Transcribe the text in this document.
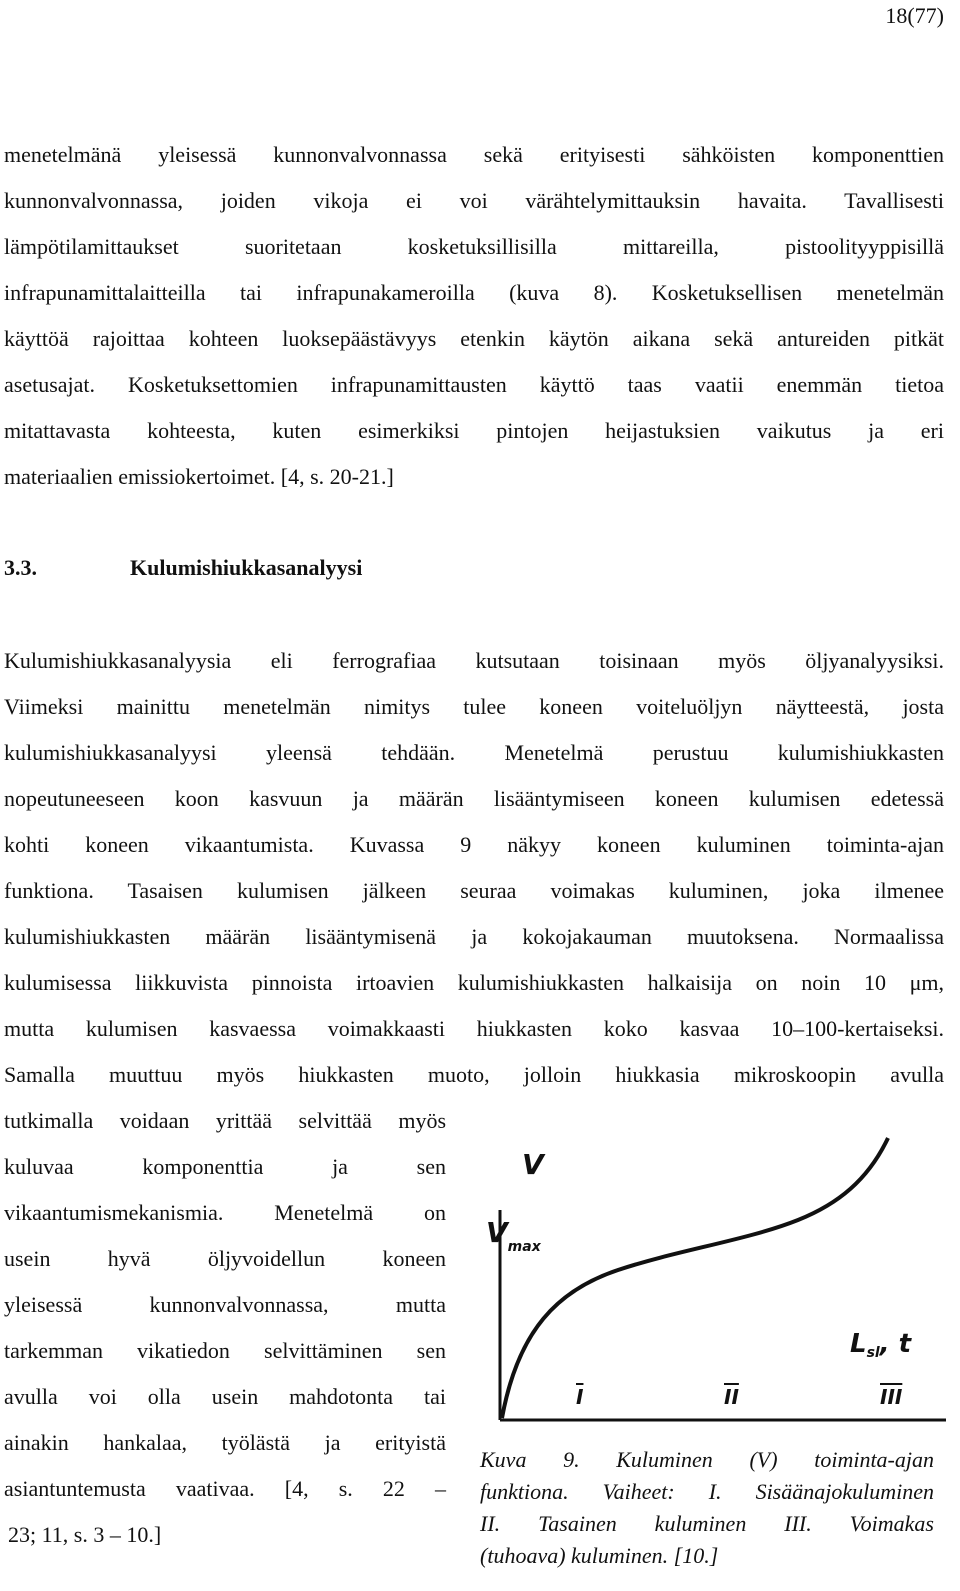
18(77)
menetelmänä yleisessä kunnonvalvonnassa sekä erityisesti sähköisten komponenttien
kunnonvalvonnassa, joiden vikoja ei voi värähtelymittauksin havaita. Tavallisesti
lämpötilamittaukset suoritetaan kosketuksillisilla mittareilla, pistoolityyppisillä
infrapunamittalaitteilla tai infrapunakameroilla (kuva 8). Kosketuksellisen menetelmän
käyttöä rajoittaa kohteen luoksepäästävyys etenkin käytön aikana sekä antureiden pitkät
asetusajat. Kosketuksettomien infrapunamittausten käyttö taas vaatii enemmän tietoa
mitattavasta kohteesta, kuten esimerkiksi pintojen heijastuksien vaikutus ja eri
materiaalien emissiokertoimet. [4, s. 20-21.]
3.3.	Kulumishiukkasanalyysi
Kulumishiukkasanalyysia eli ferrografiaa kutsutaan toisinaan myös öljyanalyysiksi.
Viimeksi mainittu menetelmän nimitys tulee koneen voiteluöljyn näytteestä, josta
kulumishiukkasanalyysi yleensä tehdään. Menetelmä perustuu kulumishiukkasten
nopeutuneeseen koon kasvuun ja määrän lisääntymiseen koneen kulumisen edetessä
kohti koneen vikaantumista. Kuvassa 9 näkyy koneen kuluminen toiminta-ajan
funktiona. Tasaisen kulumisen jälkeen seuraa voimakas kuluminen, joka ilmenee
kulumishiukkasten määrän lisääntymisenä ja kokojakauman muutoksena. Normaalissa
kulumisessa liikkuvista pinnoista irtoavien kulumishiukkasten halkaisija on noin 10 μm,
mutta kulumisen kasvaessa voimakkaasti hiukkasten koko kasvaa 10–100-kertaiseksi.
Samalla muuttuu myös hiukkasten muoto, jolloin hiukkasia mikroskoopin avulla
tutkimalla voidaan yrittää selvittää myös
kuluvaa komponenttia ja sen
vikaantumismekanismia. Menetelmä on
usein hyvä öljyvoidellun koneen
yleisessä kunnonvalvonnassa, mutta
tarkemman vikatiedon selvittäminen sen
avulla voi olla usein mahdotonta tai
ainakin hankalaa, työlästä ja erityistä
asiantuntemusta vaativaa. [4, s. 22 –
23; 11, s. 3 – 10.]
V
$V_{max}$
Lsl, t
I	II	III
Kuva 9. Kuluminen (V) toiminta-ajan
funktiona. Vaiheet: I. Sisäänajokuluminen
II. Tasainen kuluminen III. Voimakas
(tuhoava) kuluminen. [10.]
